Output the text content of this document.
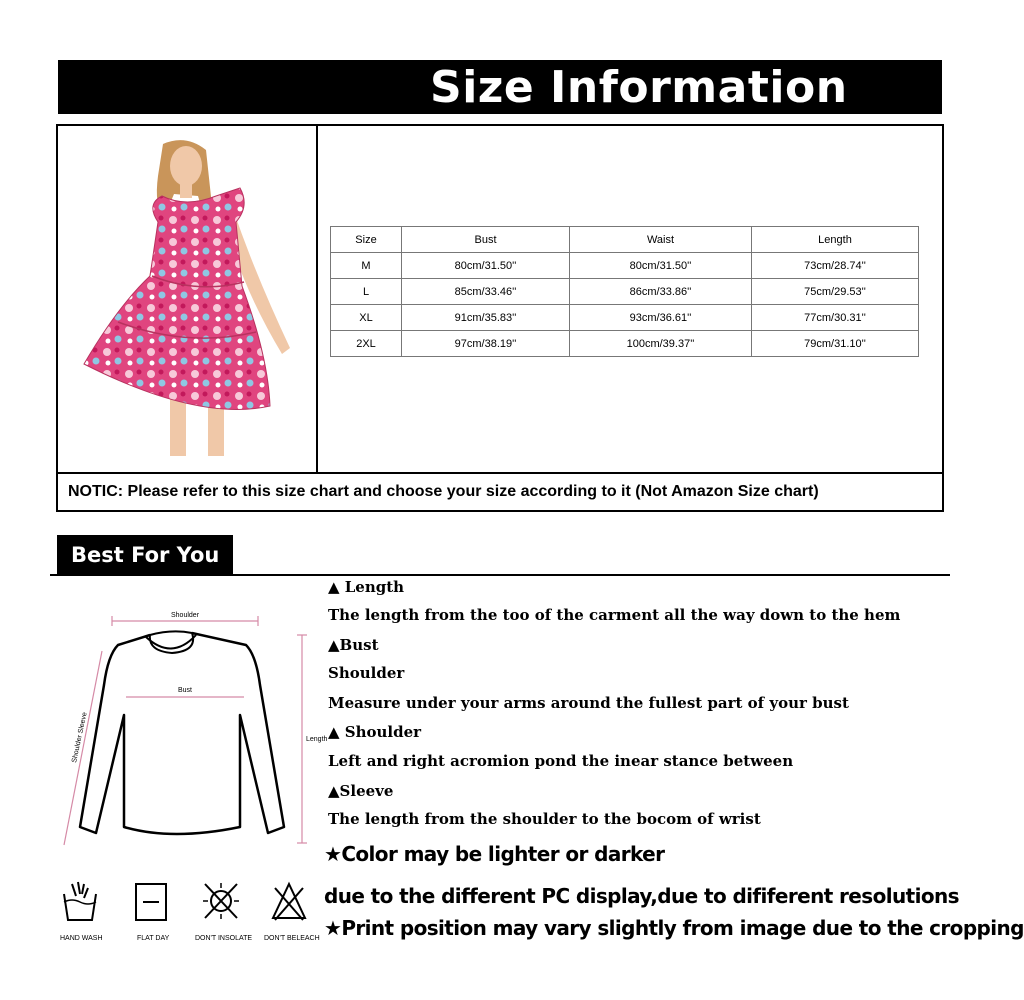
Size Information
NOTIC: Please refer to this size chart and choose your size according to it (Not Amazon Size chart)
Size	Bust	Waist	Length
M	80cm/31.50''	80cm/31.50''	73cm/28.74''
L	85cm/33.46''	86cm/33.86''	75cm/29.53''
XL	91cm/35.83''	93cm/36.61''	77cm/30.31''
2XL	97cm/38.19''	100cm/39.37''	79cm/31.10''
Best For You
Shoulder
Bust
Shoulder Sleeve	Length
HAND WASH	FLAT DAY	DON'T INSOLATE DON'T BELEACH
▲ Length
The length from the too of the carment all the way down to the hem
▲Bust
Shoulder
Measure under your arms around the fullest part of your bust
▲ Shoulder
Left and right acromion pond the inear stance between
▲Sleeve
The length from the shoulder to the bocom of wrist
★Color may be lighter or darker
due to the different PC display,due to dififerent resolutions
★Print position may vary slightly from image due to the cropping
